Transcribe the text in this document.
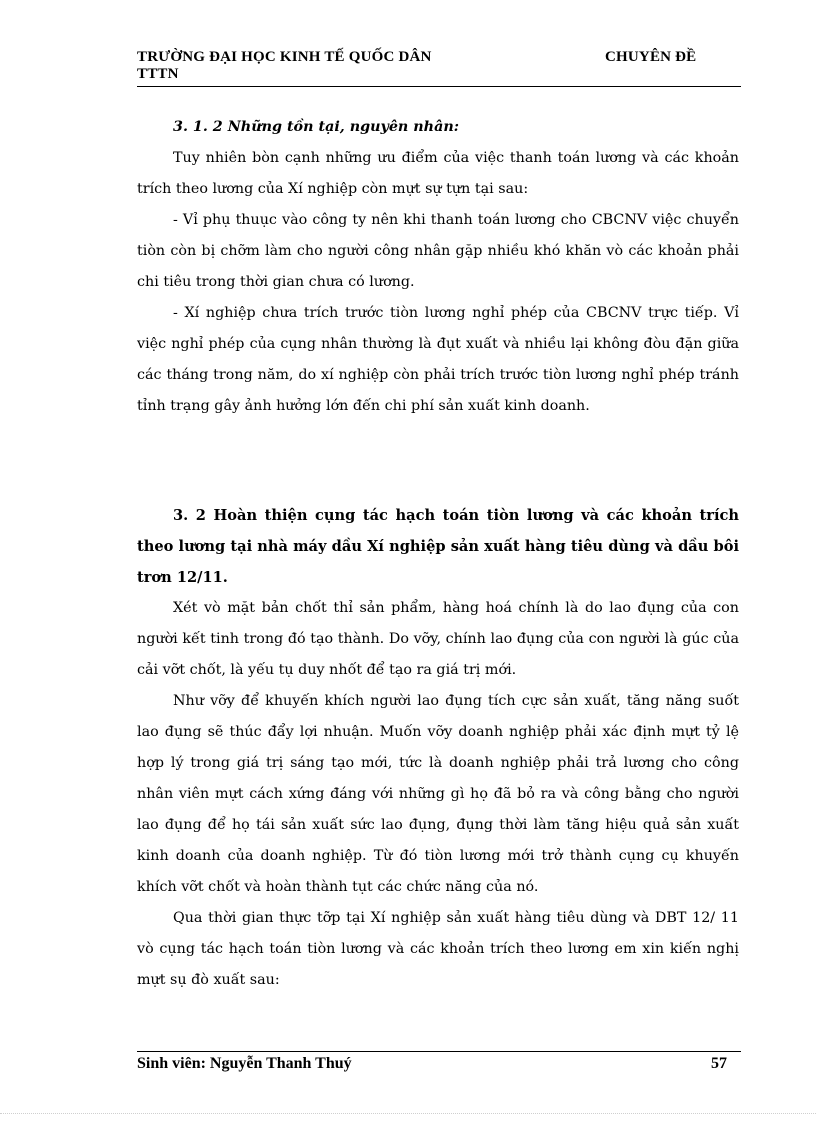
TRƯỜNG ĐẠI HỌC KINH TẾ QUỐC DÂN	CHUYÊN ĐỀ
TTTN

3. 1. 2 Những tồn tại, nguyên nhân:

Tuy nhiên bòn cạnh những ưu điểm của việc thanh toán lương và các khoản trích theo lương của Xí nghiệp còn mựt sự tựn tại sau:

- Vỉ phụ thuục vào công ty nên khi thanh toán lương cho CBCNV việc chuyển tiòn còn bị chỡm làm cho người công nhân gặp nhiều khó khăn vò các khoản phải chi tiêu trong thời gian chưa có lương.

- Xí nghiệp chưa trích trước tiòn lương nghỉ phép của CBCNV trực tiếp. Vỉ việc nghỉ phép của cụng nhân thường là đụt xuất và nhiều lại không đòu đặn giữa các tháng trong năm, do xí nghiệp còn phải trích trước tiòn lương nghỉ phép tránh tỉnh trạng gây ảnh hưởng lớn đến chi phí sản xuất kinh doanh.

3. 2 Hoàn thiện cụng tác hạch toán tiòn lương và các khoản trích theo lương tại nhà máy dầu Xí nghiệp sản xuất hàng tiêu dùng và dầu bôi trơn 12/11.

Xét vò mặt bản chốt thỉ sản phẩm, hàng hoá chính là do lao đụng của con người kết tinh trong đó tạo thành. Do vỡy, chính lao đụng của con người là gúc của cải vỡt chốt, là yếu tụ duy nhốt để tạo ra giá trị mới.

Như vỡy để khuyến khích người lao đụng tích cực sản xuất, tăng năng suốt lao đụng sẽ thúc đẩy lợi nhuận. Muốn vỡy doanh nghiệp phải xác định mựt tỷ lệ hợp lý trong giá trị sáng tạo mới, tức là doanh nghiệp phải trả lương cho công nhân viên mựt cách xứng đáng với những gì họ đã bỏ ra và công bằng cho người lao đụng để họ tái sản xuất sức lao đụng, đụng thời làm tăng hiệu quả sản xuất kinh doanh của doanh nghiệp. Từ đó tiòn lương mới trở thành cụng cụ khuyến khích vỡt chốt và hoàn thành tụt các chức năng của nó.

Qua thời gian thực tỡp tại Xí nghiệp sản xuất hàng tiêu dùng và DBT 12/ 11 vò cụng tác hạch toán tiòn lương và các khoản trích theo lương em xin kiến nghị mựt sụ đò xuất sau:

Sinh viên: Nguyễn Thanh Thuý	57
